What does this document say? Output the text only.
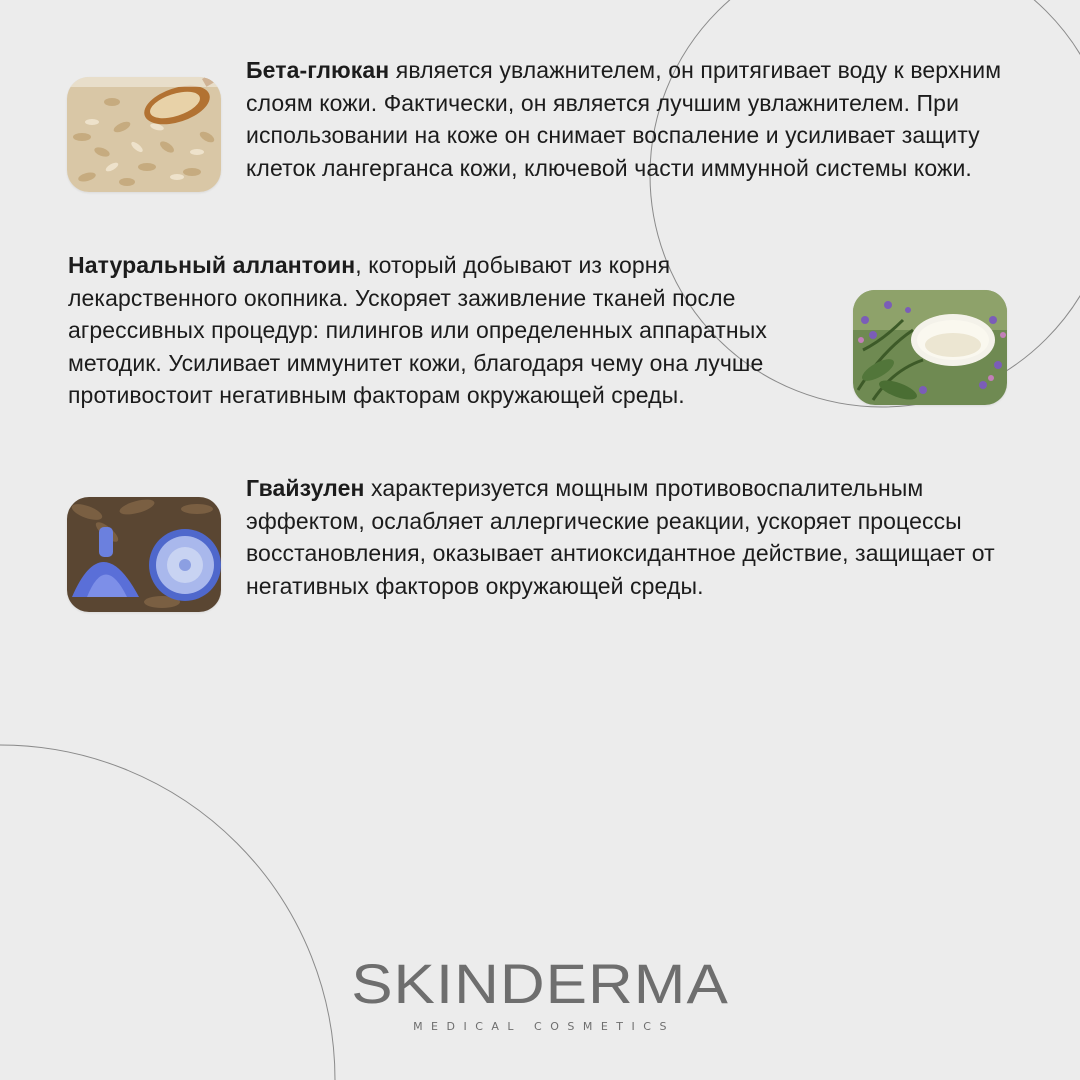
Бета-глюкан является увлажнителем, он притягивает воду к верхним слоям кожи. Фактически, он является лучшим увлажнителем. При использовании на коже он снимает воспаление и усиливает защиту клеток лангерганса кожи, ключевой части иммунной системы кожи.
Натуральный аллантоин, который добывают из корня лекарственного окопника. Ускоряет заживление тканей после агрессивных процедур: пилингов или определенных аппаратных методик. Усиливает иммунитет кожи, благодаря чему она лучше противостоит негативным факторам окружающей среды.
Гвайзулен характеризуется мощным противовоспалительным эффектом, ослабляет аллергические реакции, ускоряет процессы восстановления, оказывает антиоксидантное действие, защищает от негативных факторов окружающей среды.
SKINDERMA
MEDICAL COSMETICS
